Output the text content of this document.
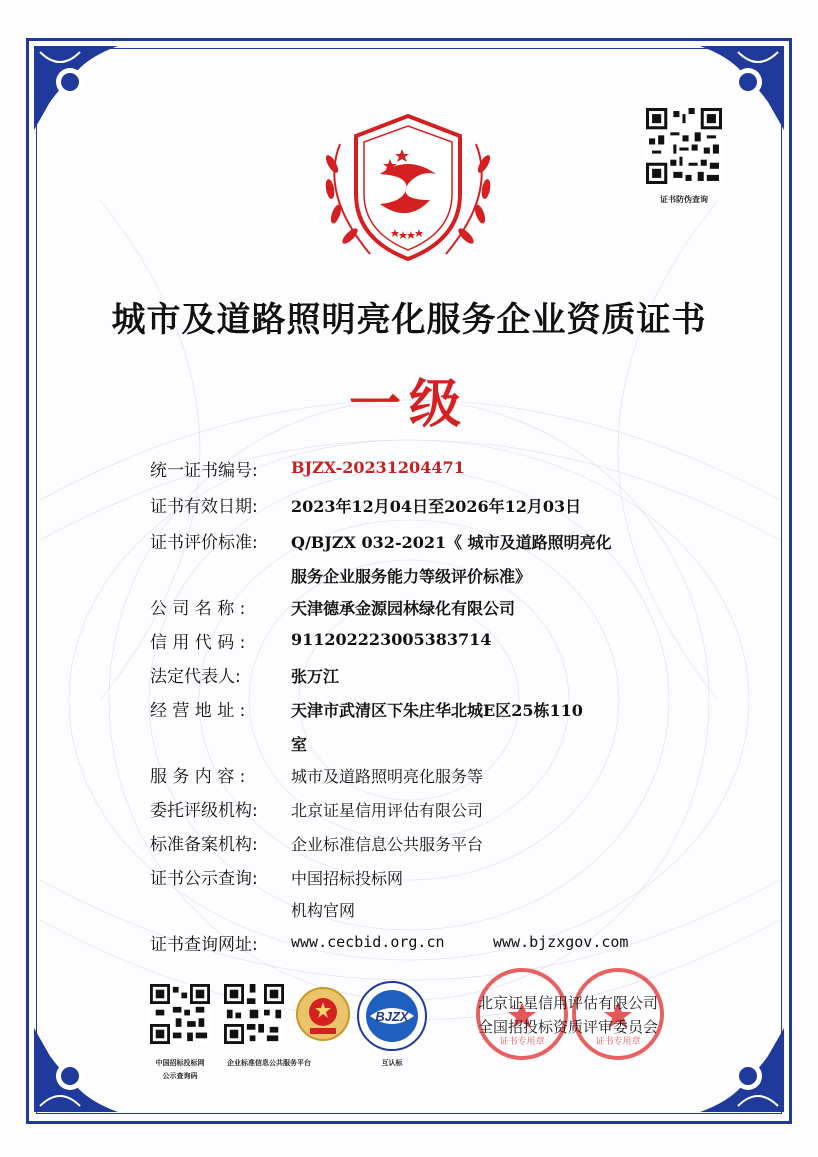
证书防伪查询
城市及道路照明亮化服务企业资质证书
一级
统一证书编号:	BJZX-20231204471
证书有效日期:	2023年12月04日至2026年12月03日
证书评价标准:	Q/BJZX 032-2021《 城市及道路照明亮化
服务企业服务能力等级评价标准》
公 司 名 称 :	天津德承金源园林绿化有限公司
信 用 代 码 :	911202223005383714
法定代表人:	张万江
经 营 地 址 :	天津市武清区下朱庄华北城E区25栋110
室
服 务 内 容 :	城市及道路照明亮化服务等
委托评级机构:	北京证星信用评估有限公司
标准备案机构:	企业标准信息公共服务平台
证书公示查询:	中国招标投标网
机构官网
证书查询网址:	www.cecbid.org.cn	www.bjzxgov.com
中国招标投标网
公示查询码
企业标准信息公共服务平台
BJZX
互认标
证书专用章	证书专用章
北京证星信用评估有限公司
全国招投标资质评审委员会
